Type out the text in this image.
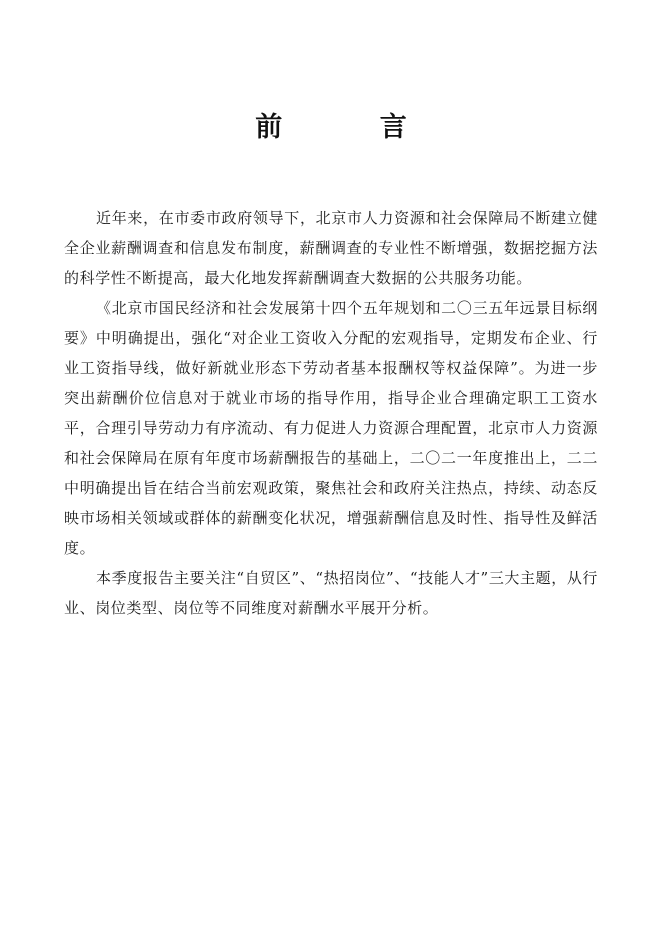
前 言

近年来，在市委市政府领导下，北京市人力资源和社会保障局不断建立健全企业薪酬调查和信息发布制度，薪酬调查的专业性不断增强，数据挖掘方法的科学性不断提高，最大化地发挥薪酬调查大数据的公共服务功能。

《北京市国民经济和社会发展第十四个五年规划和二〇三五年远景目标纲要》中明确提出，强化“对企业工资收入分配的宏观指导，定期发布企业、行业工资指导线，做好新就业形态下劳动者基本报酬权等权益保障”。为进一步突出薪酬价位信息对于就业市场的指导作用，指导企业合理确定职工工资水平，合理引导劳动力有序流动、有力促进人力资源合理配置，北京市人力资源和社会保障局在原有年度市场薪酬报告的基础上，二〇二一年度推出上，二二中明确提出旨在结合当前宏观政策，聚焦社会和政府关注热点，持续、动态反映市场相关领域或群体的薪酬变化状况，增强薪酬信息及时性、指导性及鲜活度。

本季度报告主要关注“自贸区”、“热招岗位”、“技能人才”三大主题，从行业、岗位类型、岗位等不同维度对薪酬水平展开分析。
